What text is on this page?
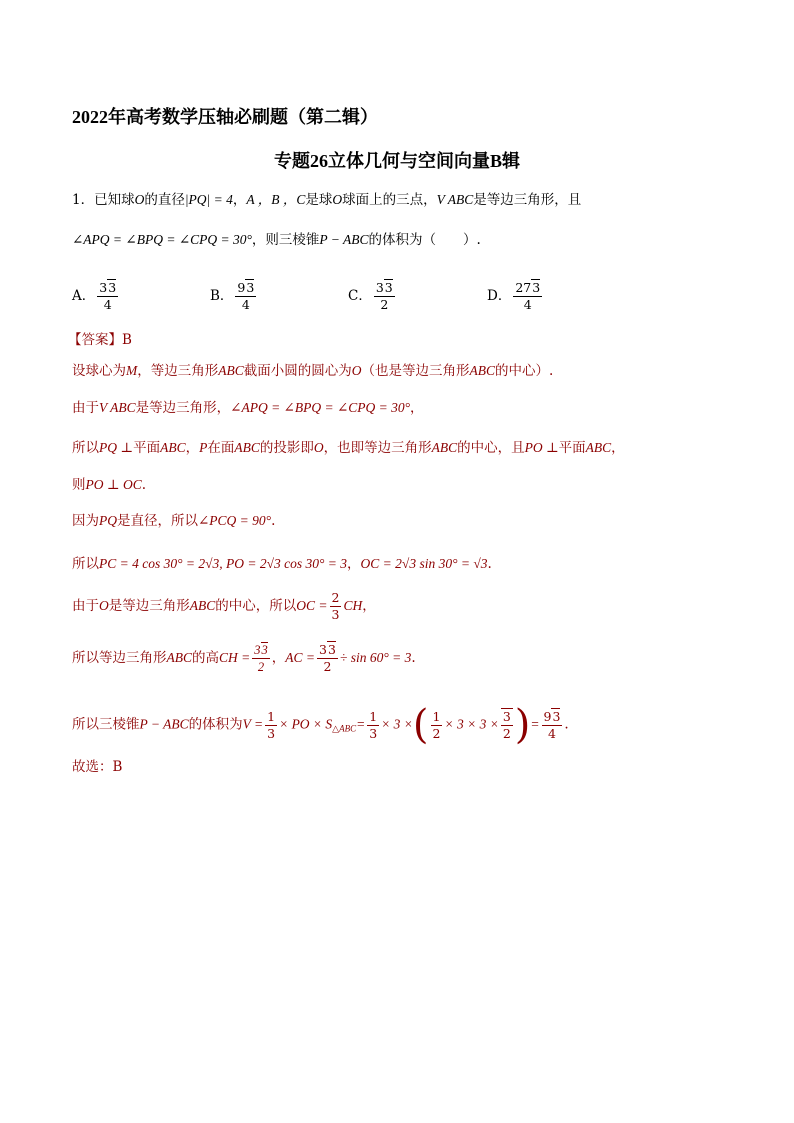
2022年高考数学压轴必刷题（第二辑）
专题26立体几何与空间向量B辑
1．已知球O的直径|PQ| = 4，A ，B ，C是球O球面上的三点，V ABC是等边三角形，且
∠APQ = ∠BPQ = ∠CPQ = 30°，则三棱锥P − ABC的体积为（　　）.
A． $\frac{33}{4}$	B． $\frac{93}{4}$	C． $\frac{33}{2}$	D． $\frac{273}{4}$
【答案】B
设球心为M，等边三角形ABC截面小圆的圆心为O（也是等边三角形ABC的中心）.
由于V ABC是等边三角形，∠APQ = ∠BPQ = ∠CPQ = 30°，
所以PQ ⊥平面ABC，P在面ABC的投影即O，也即等边三角形ABC的中心，且PO ⊥平面ABC，
则PO ⊥ OC.
因为PQ是直径，所以∠PCQ = 90°.
所以PC = 4 cos 30° = 2√3, PO = 2√3 cos 30° = 3，OC = 2√3 sin 30° = √3.
由于O是等边三角形ABC的中心，所以OC = $\frac{2}{3}$ CH，
所以等边三角形ABC的高CH = $\frac{33}{2}$ ，AC = $\frac{33}{2} \div \sin 60^\circ = 3$.
所以三棱锥P − ABC的体积为$V = \frac{1}{3}$ × PO × $S_{\triangle ABC}= \frac{1}{3} \times 3$ ×( $\frac{1}{2} \times 3 \times 3 \times \frac{3}{2}$ )= $\frac{93}{4}$ .
故选：B
